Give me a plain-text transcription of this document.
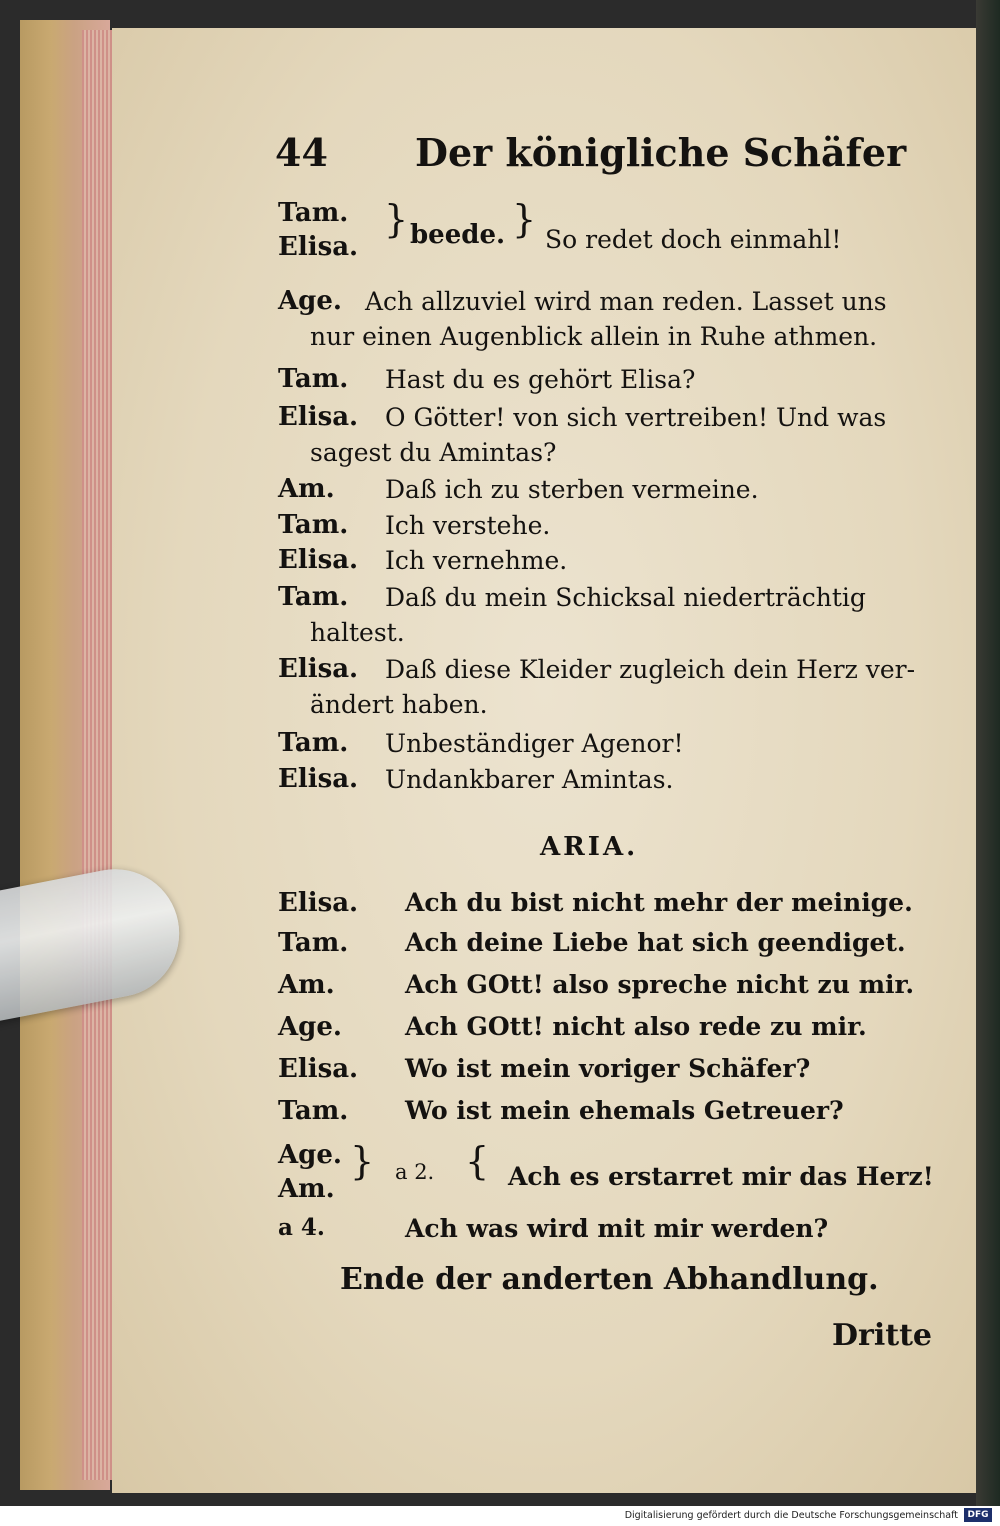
44 Der königliche Schäfer
Tam.
Elisa.
} beede. } So redet doch einmahl!
Age. Ach allzuviel wird man reden. Lasset uns
nur einen Augenblick allein in Ruhe athmen.
Tam. Hast du es gehört Elisa?
Elisa. O Götter! von sich vertreiben! Und was
sagest du Amintas?
Am. Daß ich zu sterben vermeine.
Tam. Ich verstehe.
Elisa. Ich vernehme.
Tam. Daß du mein Schicksal niederträchtig
haltest.
Elisa. Daß diese Kleider zugleich dein Herz ver-
ändert haben.
Tam. Unbeständiger Agenor!
Elisa. Undankbarer Amintas.
ARIA.
Elisa. Ach du bist nicht mehr der meinige.
Tam. Ach deine Liebe hat sich geendiget.
Am.	Ach GOtt! also spreche nicht zu mir.
Age.	Ach GOtt! nicht also rede zu mir.
Elisa. Wo ist mein voriger Schäfer?
Tam. Wo ist mein ehemals Getreuer?
Age.
Am.
} a 2. { Ach es erstarret mir das Herz!
a 4.	Ach was wird mit mir werden?
Ende der anderten Abhandlung.
Dritte
Digitalisierung gefördert durch die Deutsche Forschungsgemeinschaft	DFG
